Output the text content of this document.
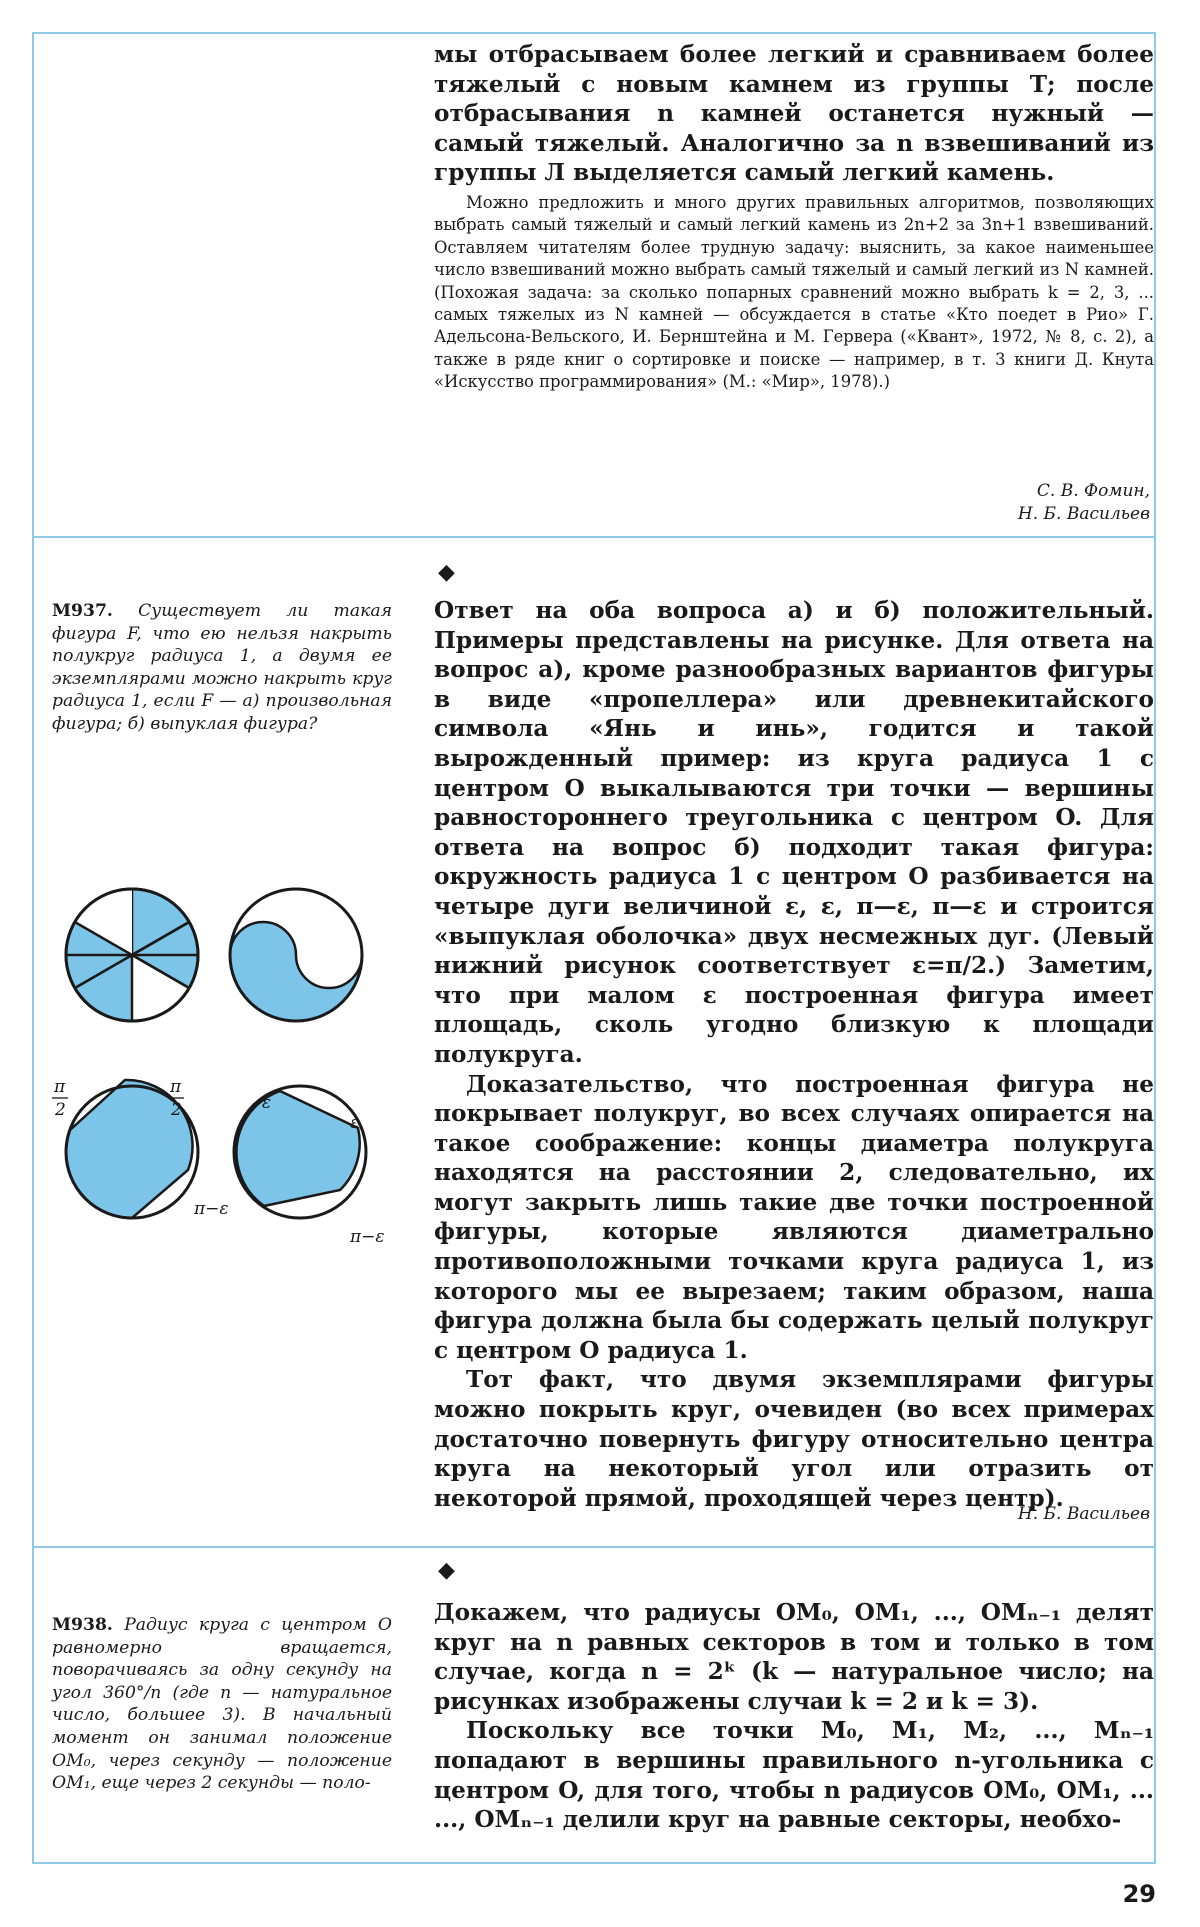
мы отбрасываем более легкий и сравниваем более тяжелый с новым камнем из группы Т; после отбрасывания n камней останется нужный — самый тяжелый. Аналогично за n взвешиваний из группы Л выделяется самый легкий камень.

Можно предложить и много других правильных алгоритмов, позволяющих выбрать самый тяжелый и самый легкий камень из 2n+2 за 3n+1 взвешиваний. Оставляем читателям более трудную задачу: выяснить, за какое наименьшее число взвешиваний можно выбрать самый тяжелый и самый легкий из N камней. (Похожая задача: за сколько попарных сравнений можно выбрать k = 2, 3, ... самых тяжелых из N камней — обсуждается в статье «Кто поедет в Рио» Г. Адельсона-Вельского, И. Бернштейна и М. Гервера («Квант», 1972, № 8, с. 2), а также в ряде книг о сортировке и поиске — например, в т. 3 книги Д. Кнута «Искусство программирования» (М.: «Мир», 1978).)

С. В. Фомин,
Н. Б. Васильев
◆

М937. Существует ли такая фигура F, что ею нельзя накрыть полукруг радиуса 1, а двумя ее экземплярами можно накрыть круг радиуса 1, если F — а) произвольная фигура; б) выпуклая фигура?

Ответ на оба вопроса а) и б) положительный. Примеры представлены на рисунке. Для ответа на вопрос а), кроме разнообразных вариантов фигуры в виде «пропеллера» или древнекитайского символа «Янь и инь», годится и такой вырожденный пример: из круга радиуса 1 с центром O выкалываются три точки — вершины равностороннего треугольника с центром O. Для ответа на вопрос б) подходит такая фигура: окружность радиуса 1 с центром O разбивается на четыре дуги величиной ε, ε, π—ε, π—ε и строится «выпуклая оболочка» двух несмежных дуг. (Левый нижний рисунок соответствует ε=π/2.) Заметим, что при малом ε построенная фигура имеет площадь, сколь угодно близкую к площади полукруга.

Доказательство, что построенная фигура не покрывает полукруг, во всех случаях опирается на такое соображение: концы диаметра полукруга находятся на расстоянии 2, следовательно, их могут закрыть лишь такие две точки построенной фигуры, которые являются диаметрально противоположными точками круга радиуса 1, из которого мы ее вырезаем; таким образом, наша фигура должна была бы содержать целый полукруг с центром O радиуса 1.

Тот факт, что двумя экземплярами фигуры можно покрыть круг, очевиден (во всех примерах достаточно повернуть фигуру относительно центра круга на некоторый угол или отразить от некоторой прямой, проходящей через центр).

Н. Б. Васильев
π
2
π
2	ε
ε
π−ε
π−ε
◆

М938. Радиус круга с центром O равномерно вращается, поворачиваясь за одну секунду на угол 360°/n (где n — натуральное число, большее 3). В начальный момент он занимал положение OM₀, через секунду — положение OM₁, еще через 2 секунды — поло-

Докажем, что радиусы OM₀, OM₁, ..., OMₙ₋₁ делят круг на n равных секторов в том и только в том случае, когда n = 2ᵏ (k — натуральное число; на рисунках изображены случаи k = 2 и k = 3).

Поскольку все точки M₀, M₁, M₂, ..., Mₙ₋₁ попадают в вершины правильного n-угольника с центром O, для того, чтобы n радиусов OM₀, OM₁, ... ..., OMₙ₋₁ делили круг на равные секторы, необхо-

29
